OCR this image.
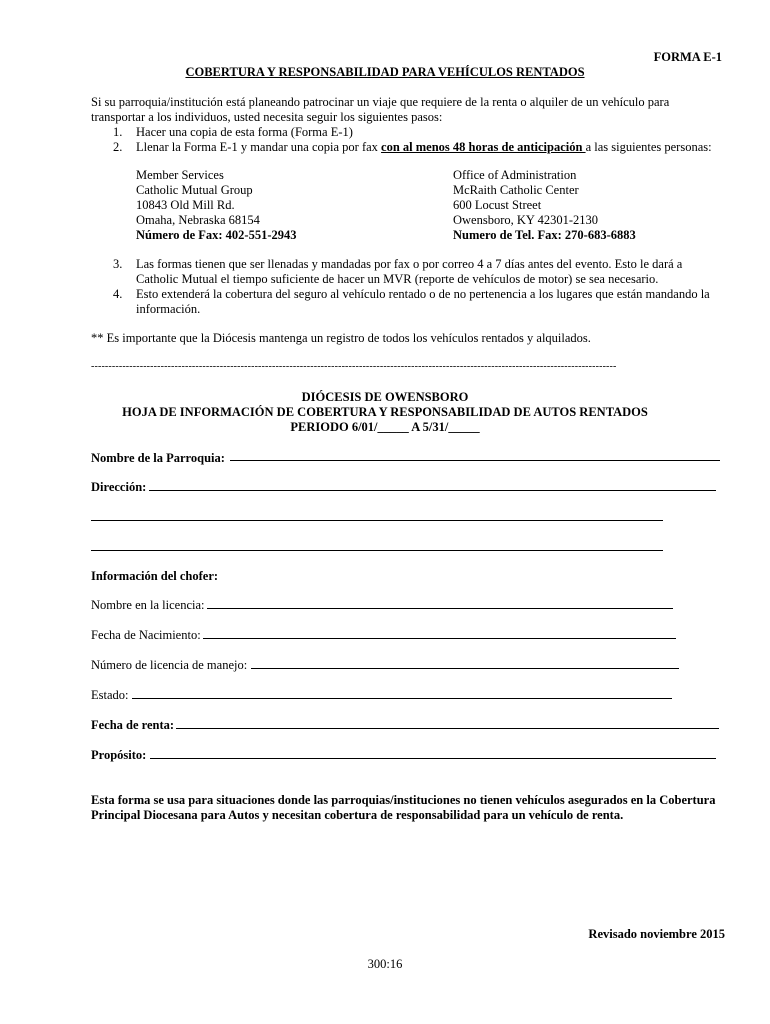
FORMA E-1
COBERTURA Y RESPONSABILIDAD PARA VEHÍCULOS RENTADOS
Si su parroquia/institución está planeando patrocinar un viaje que requiere de la renta o alquiler de un vehículo para
transportar a los individuos, usted necesita seguir los siguientes pasos:
1. Hacer una copia de esta forma (Forma E-1)
2. Llenar la Forma E-1 y mandar una copia por fax con al menos 48 horas de anticipación a las siguientes personas:
Member Services
Catholic Mutual Group
10843 Old Mill Rd.
Omaha, Nebraska 68154
Número de Fax: 402-551-2943
Office of Administration
McRaith Catholic Center
600 Locust Street
Owensboro, KY 42301-2130
Numero de Tel. Fax: 270-683-6883
3. Las formas tienen que ser llenadas y mandadas por fax o por correo 4 a 7 días antes del evento. Esto le dará a
Catholic Mutual el tiempo suficiente de hacer un MVR (reporte de vehículos de motor) se sea necesario.
4. Esto extenderá la cobertura del seguro al vehículo rentado o de no pertenencia a los lugares que están mandando la
información.
** Es importante que la Diócesis mantenga un registro de todos los vehículos rentados y alquilados.
-------------------------------------------------------------------------------------------------------------------------------------------------------
DIÓCESIS DE OWENSBORO
HOJA DE INFORMACIÓN DE COBERTURA Y RESPONSABILIDAD DE AUTOS RENTADOS
PERIODO 6/01/_____ A 5/31/_____
Nombre de la Parroquia:
Dirección:
Información del chofer:
Nombre en la licencia:
Fecha de Nacimiento:
Número de licencia de manejo:
Estado:
Fecha de renta:
Propósito:
Esta forma se usa para situaciones donde las parroquias/instituciones no tienen vehículos asegurados en la Cobertura
Principal Diocesana para Autos y necesitan cobertura de responsabilidad para un vehículo de renta.
Revisado noviembre 2015
300:16
